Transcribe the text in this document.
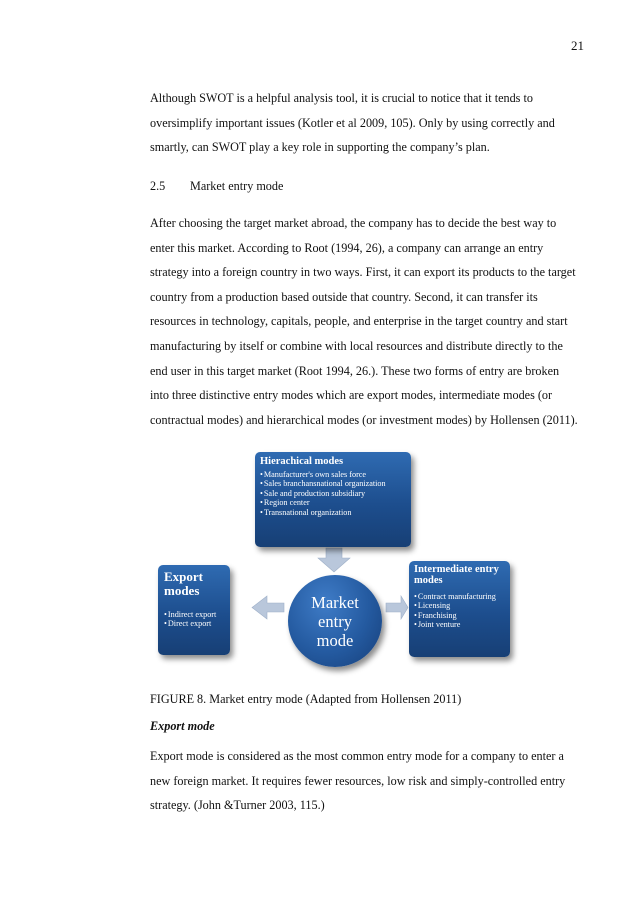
21

Although SWOT is a helpful analysis tool, it is crucial to notice that it tends to oversimplify important issues (Kotler et al 2009, 105). Only by using correctly and smartly, can SWOT play a key role in supporting the company’s plan.

2.5 Market entry mode

After choosing the target market abroad, the company has to decide the best way to enter this market. According to Root (1994, 26), a company can arrange an entry strategy into a foreign country in two ways. First, it can export its products to the target country from a production based outside that country. Second, it can transfer its resources in technology, capitals, people, and enterprise in the target country and start manufacturing by itself or combine with local resources and distribute directly to the end user in this target market (Root 1994, 26.). These two forms of entry are broken into three distinctive entry modes which are export modes, intermediate modes (or contractual modes) and hierarchical modes (or investment modes) by Hollensen (2011).

Hierachical modes
• Manufacturer's own sales force
• Sales branchansnational organization
• Sale and production subsidiary
• Region center
• Transnational organization
Export modes
• Indirect export
• Direct export
Intermediate entry modes
• Contract manufacturing
• Licensing
• Franchising
• Joint venture
Market entry mode
FIGURE 8. Market entry mode (Adapted from Hollensen 2011)
Export mode

Export mode is considered as the most common entry mode for a company to enter a new foreign market. It requires fewer resources, low risk and simply-controlled entry strategy. (John &Turner 2003, 115.)
